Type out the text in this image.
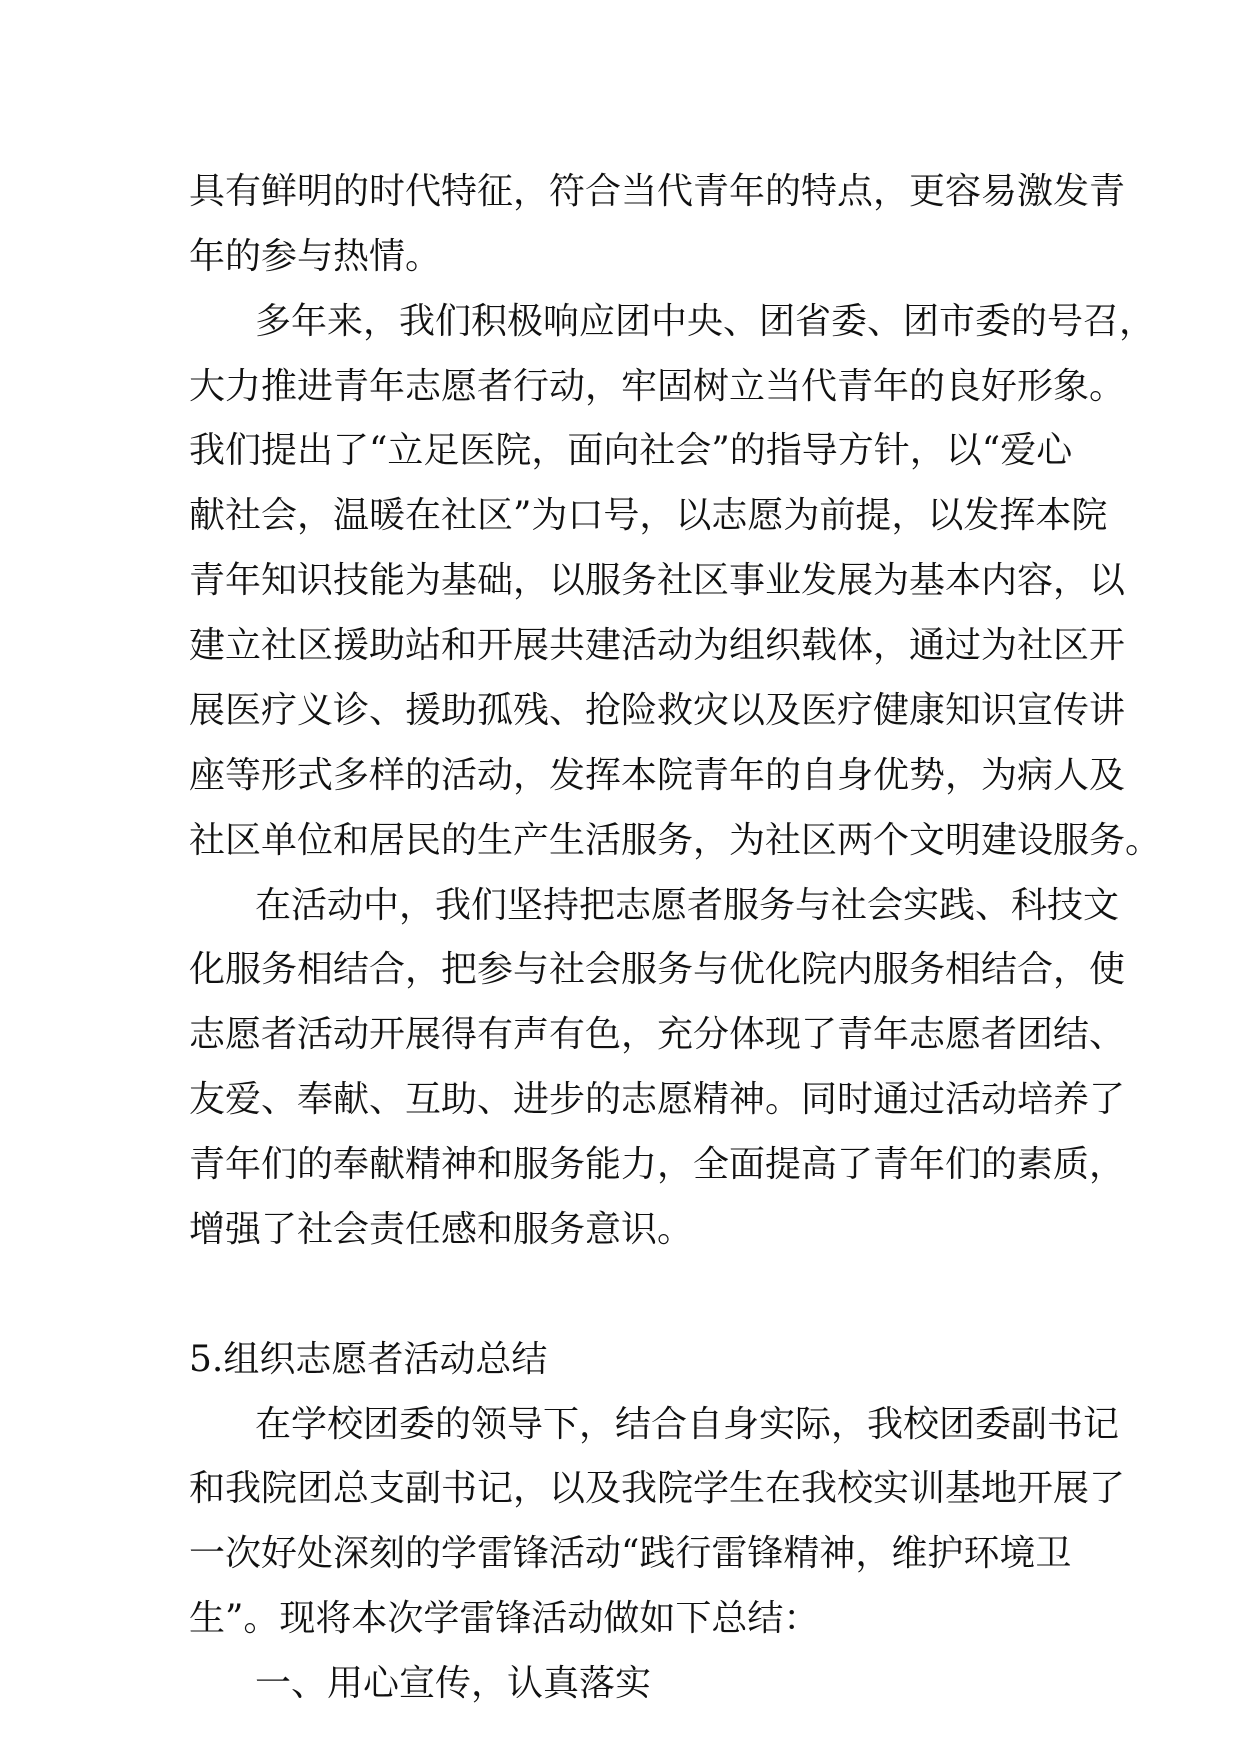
具有鲜明的时代特征，符合当代青年的特点，更容易激发青
年的参与热情。
多年来，我们积极响应团中央、团省委、团市委的号召，
大力推进青年志愿者行动，牢固树立当代青年的良好形象。
我们提出了“立足医院，面向社会”的指导方针，以“爱心
献社会，温暖在社区”为口号，以志愿为前提，以发挥本院
青年知识技能为基础，以服务社区事业发展为基本内容，以
建立社区援助站和开展共建活动为组织载体，通过为社区开
展医疗义诊、援助孤残、抢险救灾以及医疗健康知识宣传讲
座等形式多样的活动，发挥本院青年的自身优势，为病人及
社区单位和居民的生产生活服务，为社区两个文明建设服务。
在活动中，我们坚持把志愿者服务与社会实践、科技文
化服务相结合，把参与社会服务与优化院内服务相结合，使
志愿者活动开展得有声有色，充分体现了青年志愿者团结、
友爱、奉献、互助、进步的志愿精神。同时通过活动培养了
青年们的奉献精神和服务能力，全面提高了青年们的素质，
增强了社会责任感和服务意识。
5.组织志愿者活动总结
在学校团委的领导下，结合自身实际，我校团委副书记
和我院团总支副书记，以及我院学生在我校实训基地开展了
一次好处深刻的学雷锋活动“践行雷锋精神，维护环境卫
生”。现将本次学雷锋活动做如下总结：
一、用心宣传，认真落实
